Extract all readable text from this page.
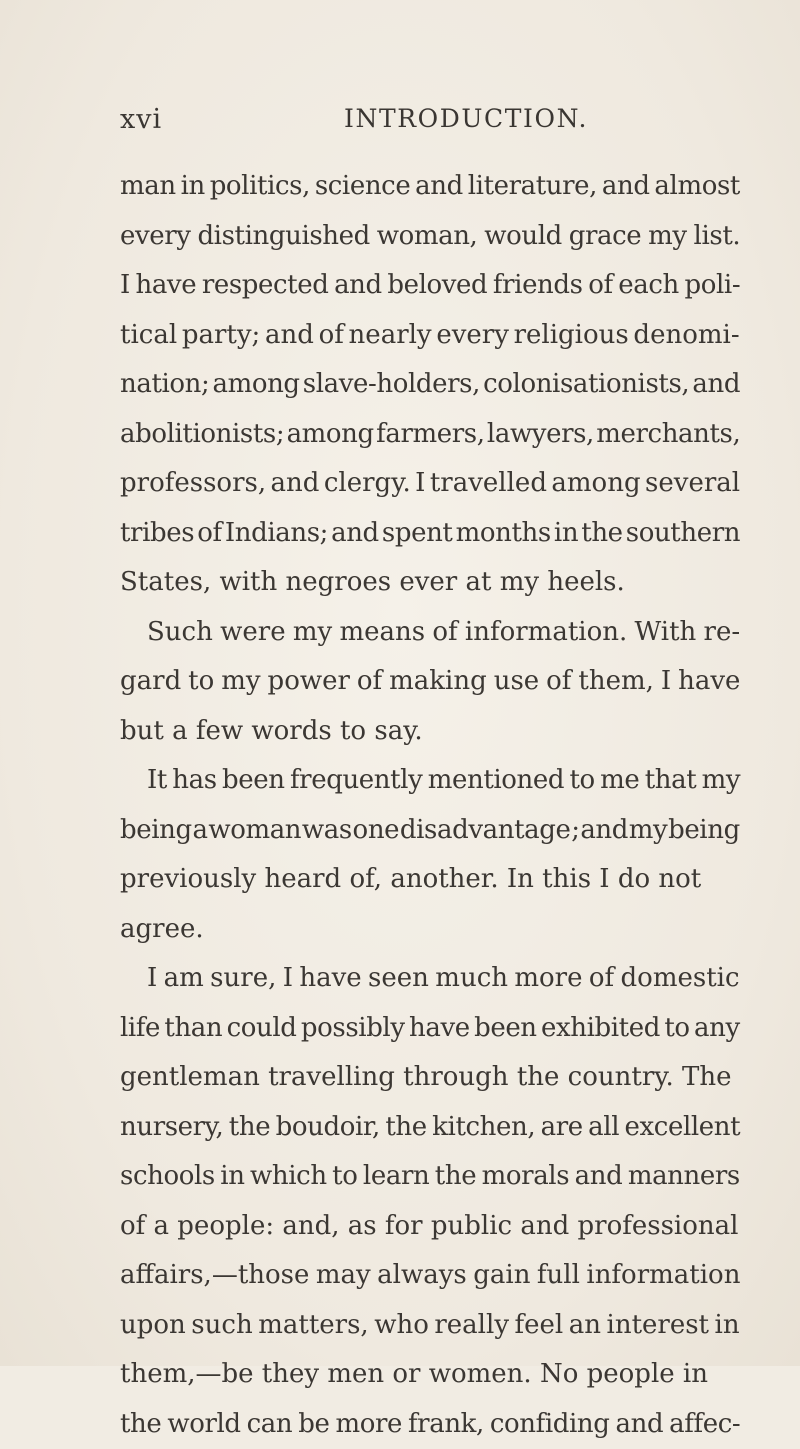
xvi	INTRODUCTION.
man in politics, science and literature, and almost
every distinguished woman, would grace my list.
I have respected and beloved friends of each poli-
tical party; and of nearly every religious denomi-
nation; among slave-holders, colonisationists, and
abolitionists; among farmers, lawyers, merchants,
professors, and clergy. I travelled among several
tribes of Indians; and spent months in the southern
States, with negroes ever at my heels.
Such were my means of information. With re-
gard to my power of making use of them, I have
but a few words to say.
It has been frequently mentioned to me that my
being a woman was one disadvantage ; and my being
previously heard of, another. In this I do not
agree.
I am sure, I have seen much more of domestic
life than could possibly have been exhibited to any
gentleman travelling through the country. The
nursery, the boudoir, the kitchen, are all excellent
schools in which to learn the morals and manners
of a people: and, as for public and professional
affairs,—those may always gain full information
upon such matters, who really feel an interest in
them,—be they men or women. No people in
the world can be more frank, confiding and affec-
